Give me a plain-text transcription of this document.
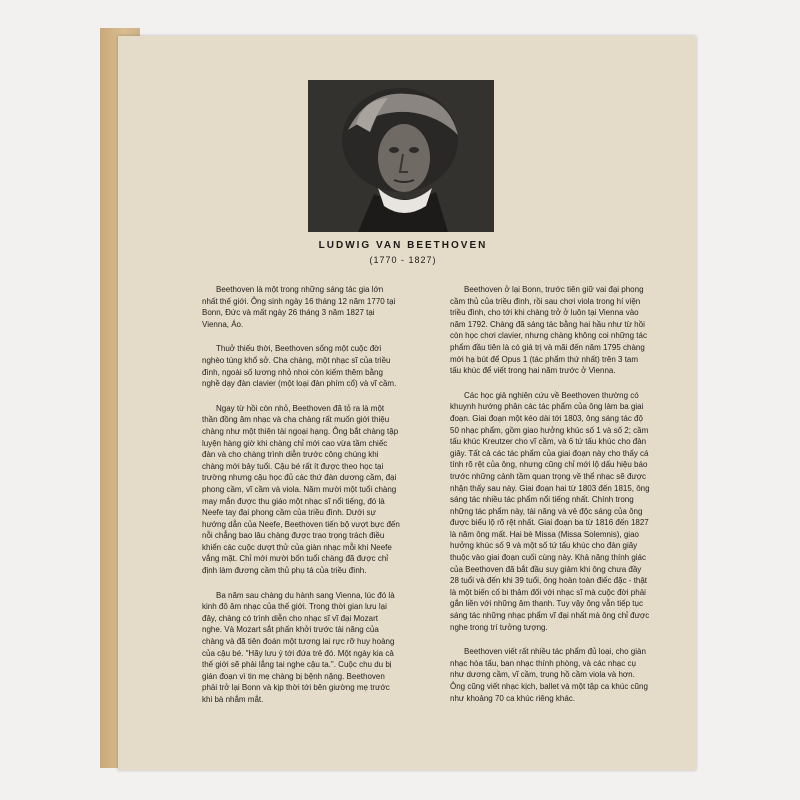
LUDWIG VAN BEETHOVEN
(1770 - 1827)

Beethoven là một trong những sáng tác gia lớn nhất thế giới. Ông sinh ngày 16 tháng 12 năm 1770 tại Bonn, Đức và mất ngày 26 tháng 3 năm 1827 tại Vienna, Áo.

Thuở thiếu thời, Beethoven sống một cuộc đời nghèo túng khổ sở. Cha chàng, một nhạc sĩ của triều đình, ngoài số lương nhỏ nhoi còn kiếm thêm bằng nghề dạy đàn clavier (một loại đàn phím cổ) và vĩ cầm.

Ngay từ hồi còn nhỏ, Beethoven đã tỏ ra là một thần đồng âm nhạc và cha chàng rất muốn giới thiệu chàng như một thiên tài ngoại hạng. Ông bắt chàng tập luyện hàng giờ khi chàng chỉ mới cao vừa tầm chiếc đàn và cho chàng trình diễn trước công chúng khi chàng mới bảy tuổi. Cậu bé rất ít được theo học tại trường nhưng cậu học đủ các thứ đàn dương cầm, đại phong cầm, vĩ cầm và viola. Năm mười một tuổi chàng may mắn được thu giáo một nhạc sĩ nổi tiếng, đó là Neefe tay đại phong cầm của triều đình. Dưới sự hướng dẫn của Neefe, Beethoven tiến bộ vượt bực đến nỗi chẳng bao lâu chàng được trao trọng trách điều khiển các cuộc dượt thử của giàn nhạc mỗi khi Neefe vắng mặt. Chỉ mới mười bốn tuổi chàng đã được chỉ định làm đương cầm thủ phụ tá của triều đình.

Ba năm sau chàng du hành sang Vienna, lúc đó là kinh đô âm nhạc của thế giới. Trong thời gian lưu lại đây, chàng có trình diễn cho nhạc sĩ vĩ đại Mozart nghe. Và Mozart sắt phấn khởi trước tài năng của chàng và đã tiên đoán một tương lai rực rỡ huy hoàng của cậu bé. "Hãy lưu ý tới đứa trẻ đó. Một ngày kia cả thế giới sẽ phải lắng tai nghe cậu ta.". Cuộc chu du bị gián đoạn vì tin mẹ chàng bị bệnh nặng. Beethoven phải trở lại Bonn và kịp thời tới bên giường mẹ trước khi bà nhắm mắt.

Beethoven ở lại Bonn, trước tiên giữ vai đại phong cầm thủ của triều đình, rồi sau chơi viola trong hí viện triều đình, cho tới khi chàng trở ở luôn tại Vienna vào năm 1792. Chàng đã sáng tác bằng hai hầu như từ hồi còn học chơi clavier, nhưng chàng không coi những tác phẩm đầu tiên là có giá trị và mãi đến năm 1795 chàng mới hạ bút để Opus 1 (tác phẩm thứ nhất) trên 3 tam tấu khúc để viết trong hai năm trước ở Vienna.

Các học giả nghiên cứu về Beethoven thường có khuynh hướng phân các tác phẩm của ông làm ba giai đoạn. Giai đoạn một kéo dài tới 1803, ông sáng tác độ 50 nhạc phẩm, gồm giao hưởng khúc số 1 và số 2; cầm tấu khúc Kreutzer cho vĩ cầm, và 6 tứ tấu khúc cho đàn giây. Tất cả các tác phẩm của giai đoạn này cho thấy cá tính rõ rệt của ông, nhưng cũng chỉ mới lộ dấu hiệu báo trước những cảnh tầm quan trọng về thể nhạc sẽ được nhận thấy sau này. Giai đoạn hai từ 1803 đến 1815, ông sáng tác nhiều tác phẩm nổi tiếng nhất. Chính trong những tác phẩm này, tài năng và vẻ độc sáng của ông được biểu lộ rõ rệt nhất. Giai đoạn ba từ 1816 đến 1827 là năm ông mất. Hai bè Missa (Missa Solemnis), giao hưởng khúc số 9 và một số tứ tấu khúc cho đàn giây thuộc vào giai đoạn cuối cùng này. Khả năng thính giác của Beethoven đã bắt đầu suy giảm khi ông chưa đầy 28 tuổi và đến khi 39 tuổi, ông hoàn toàn điếc đặc - thật là một biến cố bi thảm đối với nhạc sĩ mà cuộc đời phải gắn liền với những âm thanh. Tuy vậy ông vẫn tiếp tục sáng tác những nhạc phẩm vĩ đại nhất mà ông chỉ được nghe trong trí tưởng tượng.

Beethoven viết rất nhiều tác phẩm đủ loại, cho giàn nhạc hòa tấu, ban nhạc thính phòng, và các nhạc cụ như dương cầm, vĩ cầm, trung hồ cầm viola và hơn. Ông cũng viết nhạc kịch, ballet và một tập ca khúc cũng như khoảng 70 ca khúc riêng khác.
